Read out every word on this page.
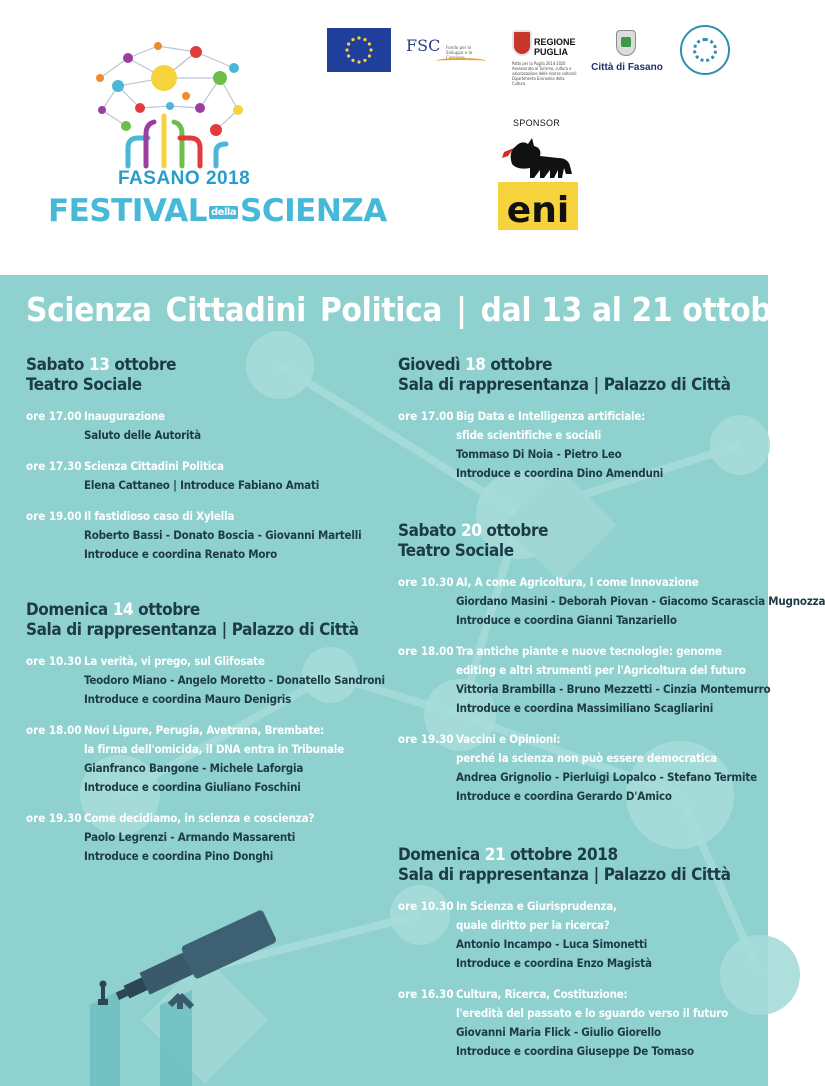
FASANO 2018
FESTIVAL della SCIENZA
FSC Fondo per lo Sviluppo e la Coesione
REGIONE
PUGLIA
Patto per la Puglia 2014-2020 Assessorato al Turismo, cultura e valorizzazione delle risorse culturali Dipartimento Economia della Cultura
Città di Fasano
SPONSOR
eni
Scienza Cittadini Politica | dal 13 al 21 ottobre
Sabato 13 ottobre
Teatro Sociale
ore 17.00 Inaugurazione
Saluto delle Autorità
ore 17.30 Scienza Cittadini Politica
Elena Cattaneo | Introduce Fabiano Amati
ore 19.00 Il fastidioso caso di Xylella
Roberto Bassi - Donato Boscia - Giovanni Martelli
Introduce e coordina Renato Moro
Domenica 14 ottobre
Sala di rappresentanza | Palazzo di Città
ore 10.30 La verità, vi prego, sul Glifosate
Teodoro Miano - Angelo Moretto - Donatello Sandroni
Introduce e coordina Mauro Denigris
ore 18.00 Novi Ligure, Perugia, Avetrana, Brembate:
la firma dell'omicida, il DNA entra in Tribunale
Gianfranco Bangone - Michele Laforgia
Introduce e coordina Giuliano Foschini
ore 19.30 Come decidiamo, in scienza e coscienza?
Paolo Legrenzi - Armando Massarenti
Introduce e coordina Pino Donghi
Giovedì 18 ottobre
Sala di rappresentanza | Palazzo di Città
ore 17.00 Big Data e Intelligenza artificiale:
sfide scientifiche e sociali
Tommaso Di Noia - Pietro Leo
Introduce e coordina Dino Amenduni
Sabato 20 ottobre
Teatro Sociale
ore 10.30 AI, A come Agricoltura, I come Innovazione
Giordano Masini - Deborah Piovan - Giacomo Scarascia Mugnozza
Introduce e coordina Gianni Tanzariello
ore 18.00 Tra antiche piante e nuove tecnologie: genome
editing e altri strumenti per l'Agricoltura del futuro
Vittoria Brambilla - Bruno Mezzetti - Cinzia Montemurro
Introduce e coordina Massimiliano Scagliarini
ore 19.30 Vaccini e Opinioni:
perché la scienza non può essere democratica
Andrea Grignolio - Pierluigi Lopalco - Stefano Termite
Introduce e coordina Gerardo D'Amico
Domenica 21 ottobre 2018
Sala di rappresentanza | Palazzo di Città
ore 10.30 In Scienza e Giurisprudenza,
quale diritto per la ricerca?
Antonio Incampo - Luca Simonetti
Introduce e coordina Enzo Magistà
ore 16.30 Cultura, Ricerca, Costituzione:
l'eredità del passato e lo sguardo verso il futuro
Giovanni Maria Flick - Giulio Giorello
Introduce e coordina Giuseppe De Tomaso
